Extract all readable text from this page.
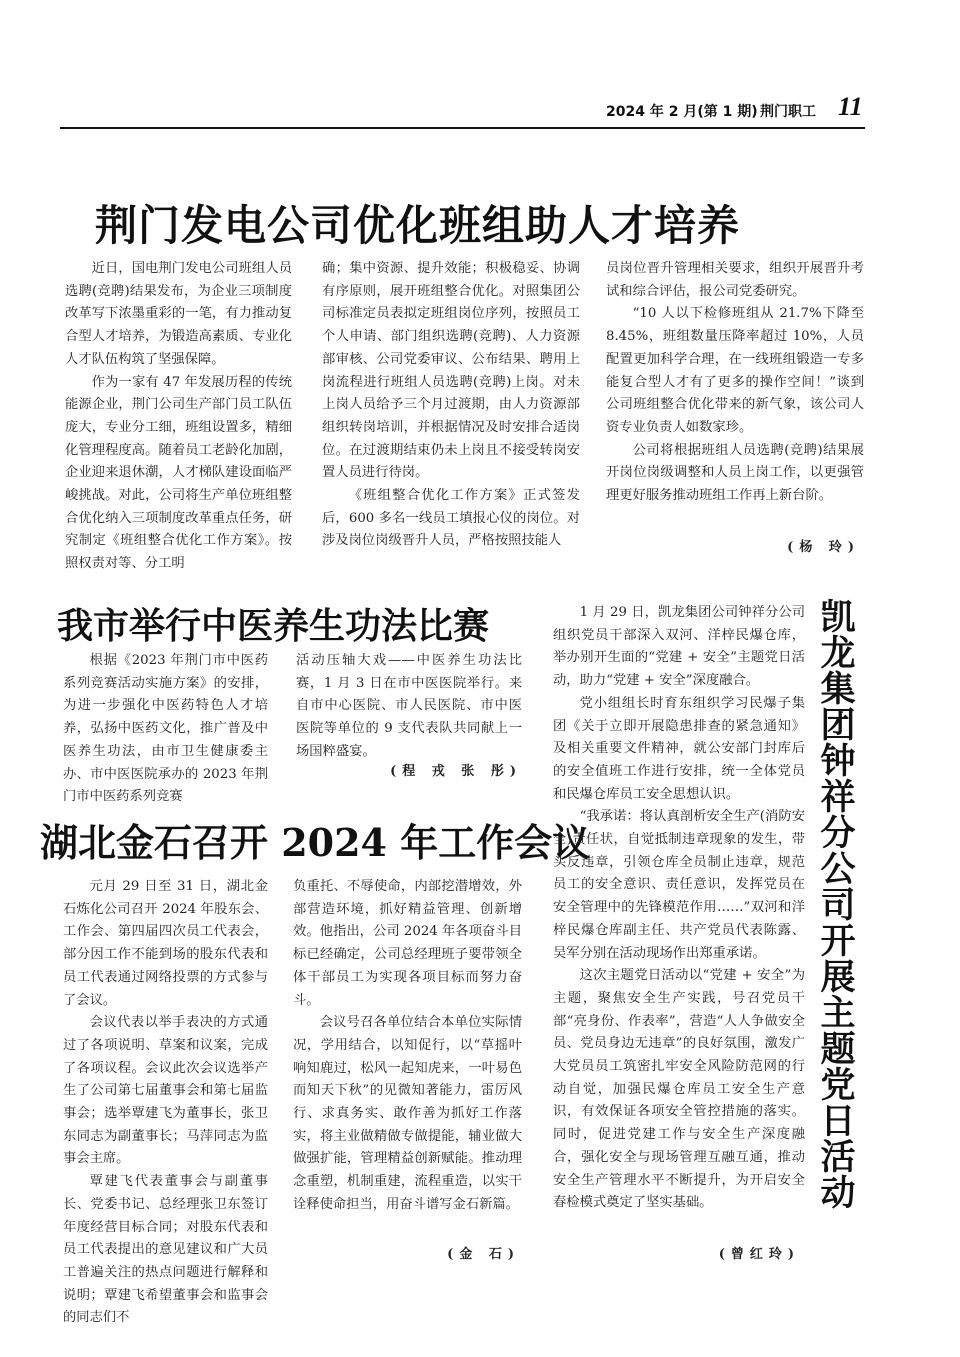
2024 年 2 月(第 1 期) 荆门职工 11
荆门发电公司优化班组助人才培养

近日，国电荆门发电公司班组人员选聘(竞聘)结果发布，为企业三项制度改革写下浓墨重彩的一笔，有力推动复合型人才培养，为锻造高素质、专业化人才队伍构筑了坚强保障。

作为一家有 47 年发展历程的传统能源企业，荆门公司生产部门员工队伍庞大，专业分工细，班组设置多，精细化管理程度高。随着员工老龄化加剧，企业迎来退休潮，人才梯队建设面临严峻挑战。对此，公司将生产单位班组整合优化纳入三项制度改革重点任务，研究制定《班组整合优化工作方案》。按照权责对等、分工明

确；集中资源、提升效能；积极稳妥、协调有序原则，展开班组整合优化。对照集团公司标准定员表拟定班组岗位序列，按照员工个人申请、部门组织选聘(竞聘)、人力资源部审核、公司党委审议、公布结果、聘用上岗流程进行班组人员选聘(竞聘)上岗。对未上岗人员给予三个月过渡期，由人力资源部组织转岗培训，并根据情况及时安排合适岗位。在过渡期结束仍未上岗且不接受转岗安置人员进行待岗。

《班组整合优化工作方案》正式签发后，600 多名一线员工填报心仪的岗位。对涉及岗位岗级晋升人员，严格按照技能人

员岗位晋升管理相关要求，组织开展晋升考试和综合评估，报公司党委研究。

“10 人以下检修班组从 21.7%下降至 8.45%，班组数量压降率超过 10%，人员配置更加科学合理，在一线班组锻造一专多能复合型人才有了更多的操作空间！”谈到公司班组整合优化带来的新气象，该公司人资专业负责人如数家珍。

公司将根据班组人员选聘(竞聘)结果展开岗位岗级调整和人员上岗工作，以更强管理更好服务推动班组工作再上新台阶。

(杨 玲)
我市举行中医养生功法比赛

根据《2023 年荆门市中医药系列竞赛活动实施方案》的安排，为进一步强化中医药特色人才培养，弘扬中医药文化，推广普及中医养生功法，由市卫生健康委主办、市中医医院承办的 2023 年荆门市中医药系列竞赛

活动压轴大戏——中医养生功法比赛，1 月 3 日在市中医医院举行。来自市中心医院、市人民医院、市中医医院等单位的 9 支代表队共同献上一场国粹盛宴。
(程 戎 张 彤)
湖北金石召开 2024 年工作会议

元月 29 日至 31 日，湖北金石炼化公司召开 2024 年股东会、工作会、第四届四次员工代表会，部分因工作不能到场的股东代表和员工代表通过网络投票的方式参与了会议。

会议代表以举手表决的方式通过了各项说明、草案和议案，完成了各项议程。会议此次会议选举产生了公司第七届董事会和第七届监事会；选举覃建飞为董事长，张卫东同志为副董事长；马萍同志为监事会主席。

覃建飞代表董事会与副董事长、党委书记、总经理张卫东签订年度经营目标合同；对股东代表和员工代表提出的意见建议和广大员工普遍关注的热点问题进行解释和说明；覃建飞希望董事会和监事会的同志们不

负重托、不辱使命，内部挖潜增效，外部营造环境，抓好精益管理、创新增效。他指出，公司 2024 年各项奋斗目标已经确定，公司总经理班子要带领全体干部员工为实现各项目标而努力奋斗。

会议号召各单位结合本单位实际情况，学用结合，以知促行，以“草摇叶响知鹿过，松风一起知虎来，一叶易色而知天下秋”的见微知著能力，雷厉风行、求真务实、敢作善为抓好工作落实，将主业做精做专做提能，辅业做大做强扩能，管理精益创新赋能。推动理念重塑，机制重建，流程重造，以实干诠释使命担当，用奋斗谱写金石新篇。

(金 石)

1 月 29 日，凯龙集团公司钟祥分公司组织党员干部深入双河、洋梓民爆仓库，举办别开生面的“党建 + 安全”主题党日活动，助力“党建 + 安全”深度融合。

党小组组长时育东组织学习民爆子集团《关于立即开展隐患排查的紧急通知》及相关重要文件精神，就公安部门封库后的安全值班工作进行安排，统一全体党员和民爆仓库员工安全思想认识。

“我承诺：将认真剖析安全生产(消防安全)责任状，自觉抵制违章现象的发生，带头反违章，引领仓库全员制止违章，规范员工的安全意识、责任意识，发挥党员在安全管理中的先锋模范作用……”双河和洋梓民爆仓库副主任、共产党员代表陈露、吴军分别在活动现场作出郑重承诺。

这次主题党日活动以“党建 + 安全”为主题，聚焦安全生产实践，号召党员干部“亮身份、作表率”，营造“人人争做安全员、党员身边无违章”的良好氛围，激发广大党员员工筑密扎牢安全风险防范网的行动自觉，加强民爆仓库员工安全生产意识，有效保证各项安全管控措施的落实。同时，促进党建工作与安全生产深度融合，强化安全与现场管理互融互通，推动安全生产管理水平不断提升，为开启安全春检模式奠定了坚实基础。	凯龙集团钟祥分公司开展主题党日活动
(曾红玲)
